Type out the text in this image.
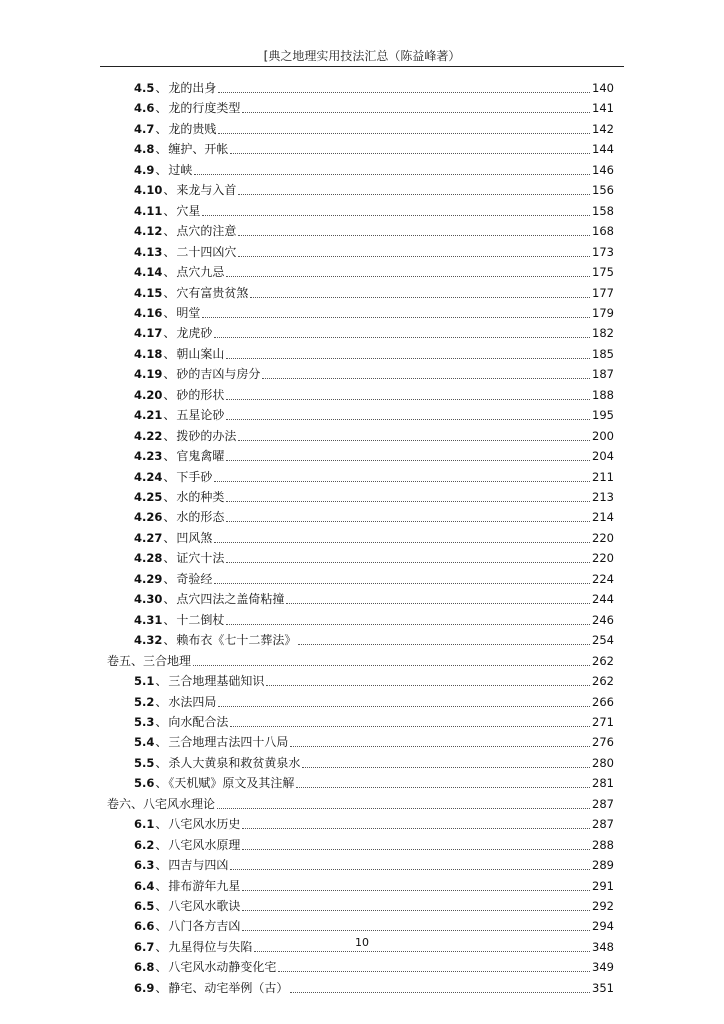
[典之地理实用技法汇总（陈益峰著）
4.5、龙的出身	140
4.6、龙的行度类型	141
4.7、龙的贵贱	142
4.8、缠护、开帐	144
4.9、过峡	146
4.10、来龙与入首	156
4.11、穴星	158
4.12、点穴的注意	168
4.13、二十四凶穴	173
4.14、点穴九忌	175
4.15、穴有富贵贫煞	177
4.16、明堂	179
4.17、龙虎砂	182
4.18、朝山案山	185
4.19、砂的吉凶与房分	187
4.20、砂的形状	188
4.21、五星论砂	195
4.22、拨砂的办法	200
4.23、官鬼禽曜	204
4.24、下手砂	211
4.25、水的种类	213
4.26、水的形态	214
4.27、凹风煞	220
4.28、证穴十法	220
4.29、奇验经	224
4.30、点穴四法之盖倚粘撞	244
4.31、十二倒杖	246
4.32、赖布衣《七十二葬法》	254
卷五、三合地理	262
5.1、三合地理基础知识	262
5.2、水法四局	266
5.3、向水配合法	271
5.4、三合地理古法四十八局	276
5.5、杀人大黄泉和救贫黄泉水	280
5.6、《天机赋》原文及其注解	281
卷六、八宅风水理论	287
6.1、八宅风水历史	287
6.2、八宅风水原理	288
6.3、四吉与四凶	289
6.4、排布游年九星	291
6.5、八宅风水歌诀	292
6.6、八门各方吉凶	294
6.7、九星得位与失陷	348
6.8、八宅风水动静变化宅	349
6.9、静宅、动宅举例（古）	351
10
